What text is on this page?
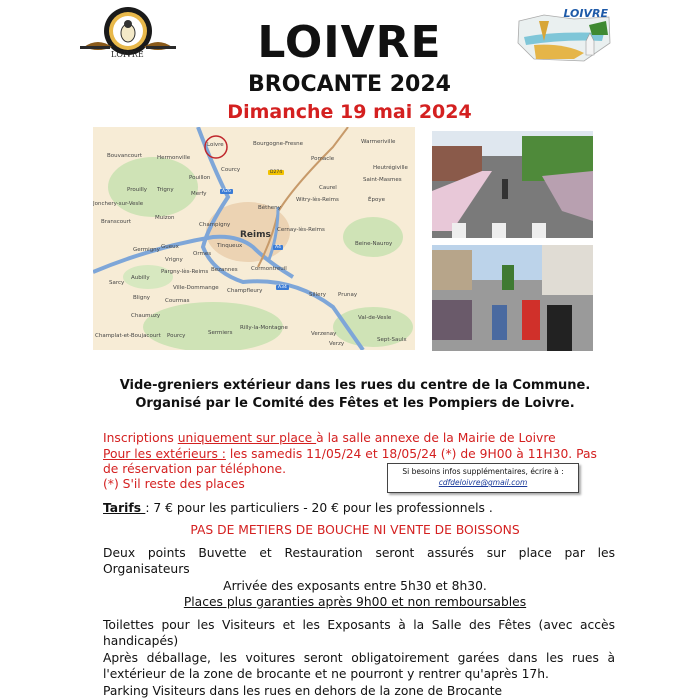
LOIVRE
LOIVRE
LOIVRE
BROCANTE 2024
Dimanche 19 mai 2024
Loivre	Bourgogne-Fresne	Warmeriville
Bouvancourt	Hermonville	Pomacle
Heutrégiville
Courcy
Saint-Masmes
Pouillon
Caurel
Époye
Prouilly Trigny
Merfy
Witry-lès-Reims
Jonchery-sur-Vesle
Bétheny
Branscourt
Muizon
Champigny
Cernay-lès-Reims
Reims
Gueux	Tinqueux	Beine-Nauroy
Germigny
Ormes
Vrigny
Bezannes Cormontreuil
Pargny-lès-Reims
Aubilly
Sarcy
Ville-Dommange Champfleury
Sillery Prunay
Bligny	Courmas
Chaumuzy	Val-de-Vesle
Sermiers
Rilly-la-Montagne
Verzenay
Champlat-et-Boujacourt Pourcy
Verzy
Sept-Saulx
A26
A4
A34
D274
Vide-greniers extérieur dans les rues du centre de la Commune.
Organisé par le Comité des Fêtes et les Pompiers de Loivre.
Inscriptions uniquement sur place à la salle annexe de la Mairie de Loivre
Pour les extérieurs : les samedis 11/05/24 et 18/05/24 (*) de 9H00 à 11H30. Pas
de réservation par téléphone.
(*) S'il reste des places
Si besoins infos supplémentaires, écrire à :
cdfdeloivre@gmail.com
Tarifs : 7 € pour les particuliers - 20 € pour les professionnels .
PAS DE METIERS DE BOUCHE NI VENTE DE BOISSONS
Deux points Buvette et Restauration seront assurés sur place par les Organisateurs
Arrivée des exposants entre 5h30 et 8h30.
Places plus garanties après 9h00 et non remboursables
Toilettes pour les Visiteurs et les Exposants à la Salle des Fêtes (avec accès handicapés)
Après déballage, les voitures seront obligatoirement garées dans les rues à l'extérieur de la zone de brocante et ne pourront y rentrer qu'après 17h.
Parking Visiteurs dans les rues en dehors de la zone de Brocante
